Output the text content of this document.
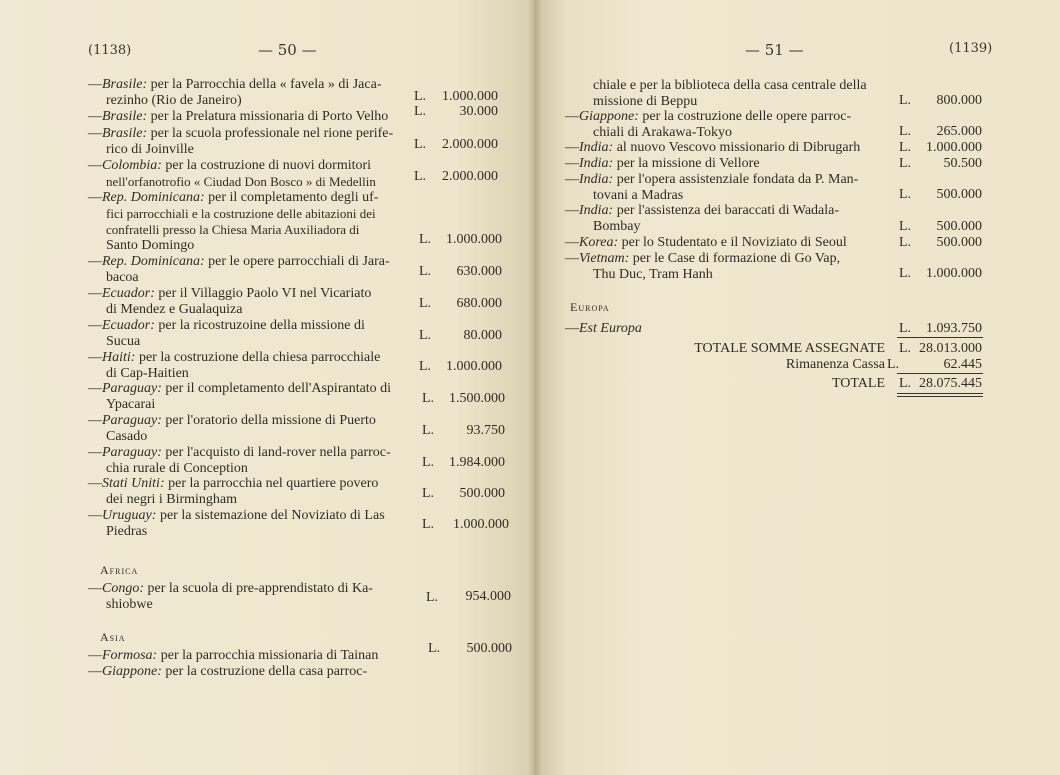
(1138)	— 50 —
—Brasile: per la Parrocchia della « favela » di Jaca-
rezinho (Rio de Janeiro)	L.	1.000.000
—Brasile: per la Prelatura missionaria di Porto Velho	L.	30.000
—Brasile: per la scuola professionale nel rione perife-
rico di Joinville	L.	2.000.000
—Colombia: per la costruzione di nuovi dormitori
nell'orfanotrofio « Ciudad Don Bosco » di Medellin	L.	2.000.000
—Rep. Dominicana: per il completamento degli uf-
fici parrocchiali e la costruzione delle abitazioni dei
confratelli presso la Chiesa Maria Auxiliadora di
Santo Domingo	L.	1.000.000
—Rep. Dominicana: per le opere parrocchiali di Jara-
bacoa	L.	630.000
—Ecuador: per il Villaggio Paolo VI nel Vicariato
di Mendez e Gualaquiza	L.	680.000
—Ecuador: per la ricostruzoine della missione di
Sucua	L.	80.000
—Haiti: per la costruzione della chiesa parrocchiale
di Cap-Haitien	L.	1.000.000
—Paraguay: per il completamento dell'Aspirantato di
Ypacarai	L.	1.500.000
—Paraguay: per l'oratorio della missione di Puerto
Casado	L.	93.750
—Paraguay: per l'acquisto di land-rover nella parroc-
chia rurale di Conception	L.	1.984.000
—Stati Uniti: per la parrocchia nel quartiere povero
dei negri i Birmingham	L.	500.000
—Uruguay: per la sistemazione del Noviziato di Las
Piedras	L.	1.000.000
Africa
—Congo: per la scuola di pre-apprendistato di Ka-
shiobwe	L.	954.000
Asia
—Formosa: per la parrocchia missionaria di Tainan	L.	500.000
—Giappone: per la costruzione della casa parroc-
— 51 —	(1139)
chiale e per la biblioteca della casa centrale della
missione di Beppu	L.	800.000
—Giappone: per la costruzione delle opere parroc-
chiali di Arakawa-Tokyo	L.	265.000
—India: al nuovo Vescovo missionario di Dibrugarh	L.	1.000.000
—India: per la missione di Vellore	L.	50.500
—India: per l'opera assistenziale fondata da P. Man-
tovani a Madras	L.	500.000
—India: per l'assistenza dei baraccati di Wadala-
Bombay	L.	500.000
—Korea: per lo Studentato e il Noviziato di Seoul	L.	500.000
—Vietnam: per le Case di formazione di Go Vap,
Thu Duc, Tram Hanh	L.	1.000.000
Europa
—Est Europa	L.	1.093.750
TOTALE SOMME ASSEGNATE L. 28.013.000
Rimanenza Cassa L.	62.445
TOTALE L. 28.075.445
